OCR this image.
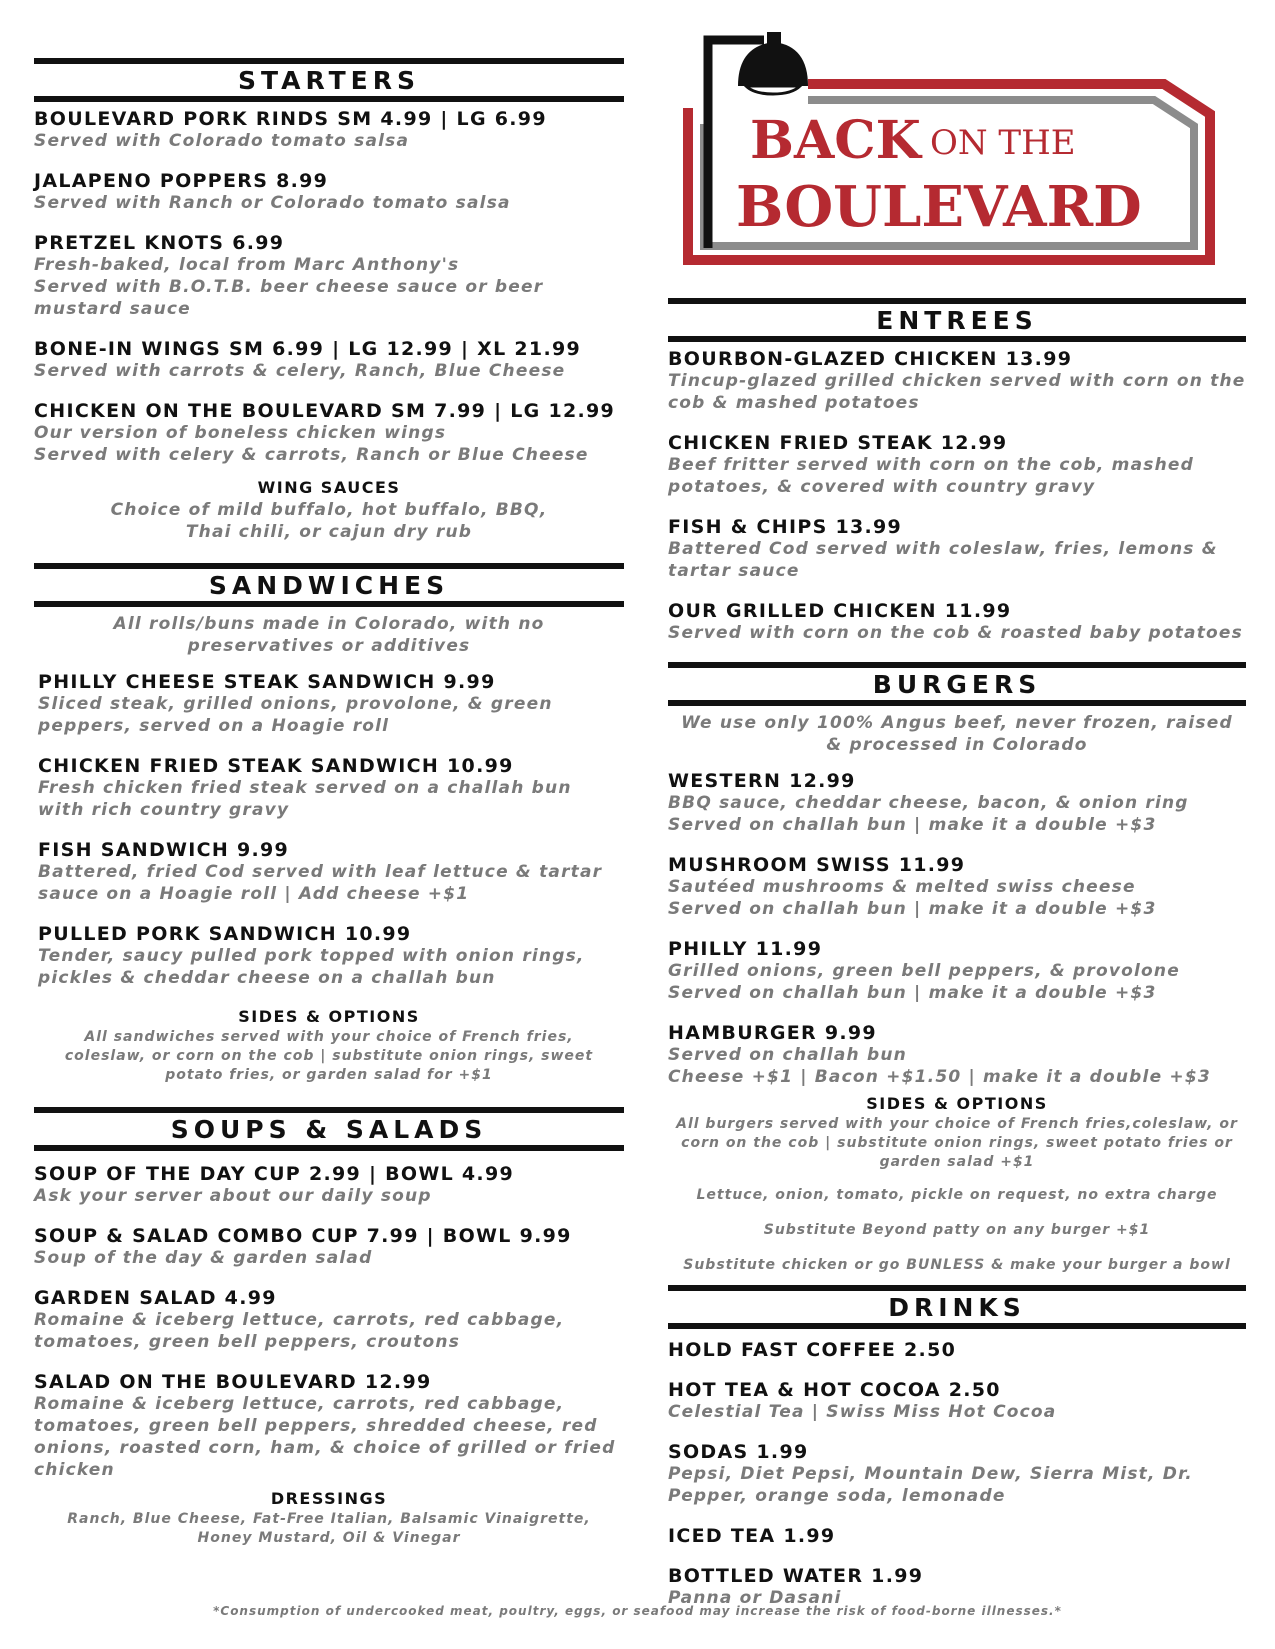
STARTERS
BOULEVARD PORK RINDS SM 4.99 | LG 6.99
Served with Colorado tomato salsa
JALAPENO POPPERS 8.99
Served with Ranch or Colorado tomato salsa
PRETZEL KNOTS 6.99
Fresh-baked, local from Marc Anthony's
Served with B.O.T.B. beer cheese sauce or beer mustard sauce
BONE-IN WINGS SM 6.99 | LG 12.99 | XL 21.99
Served with carrots & celery, Ranch, Blue Cheese
CHICKEN ON THE BOULEVARD SM 7.99 | LG 12.99
Our version of boneless chicken wings
Served with celery & carrots, Ranch or Blue Cheese
WING SAUCES
Choice of mild buffalo, hot buffalo, BBQ,
Thai chili, or cajun dry rub
SANDWICHES
All rolls/buns made in Colorado, with no preservatives or additives
PHILLY CHEESE STEAK SANDWICH 9.99
Sliced steak, grilled onions, provolone, & green peppers, served on a Hoagie roll
CHICKEN FRIED STEAK SANDWICH 10.99
Fresh chicken fried steak served on a challah bun with rich country gravy
FISH SANDWICH 9.99
Battered, fried Cod served with leaf lettuce & tartar sauce on a Hoagie roll | Add cheese +$1
PULLED PORK SANDWICH 10.99
Tender, saucy pulled pork topped with onion rings, pickles & cheddar cheese on a challah bun
SIDES & OPTIONS
All sandwiches served with your choice of French fries, coleslaw, or corn on the cob | substitute onion rings, sweet potato fries, or garden salad for +$1
SOUPS & SALADS
SOUP OF THE DAY CUP 2.99 | BOWL 4.99
Ask your server about our daily soup
SOUP & SALAD COMBO CUP 7.99 | BOWL 9.99
Soup of the day & garden salad
GARDEN SALAD 4.99
Romaine & iceberg lettuce, carrots, red cabbage, tomatoes, green bell peppers, croutons
SALAD ON THE BOULEVARD 12.99
Romaine & iceberg lettuce, carrots, red cabbage, tomatoes, green bell peppers, shredded cheese, red onions, roasted corn, ham, & choice of grilled or fried chicken
DRESSINGS
Ranch, Blue Cheese, Fat-Free Italian, Balsamic Vinaigrette, Honey Mustard, Oil & Vinegar
BACK ON THE
BOULEVARD
ENTREES
BOURBON-GLAZED CHICKEN 13.99
Tincup-glazed grilled chicken served with corn on the cob & mashed potatoes
CHICKEN FRIED STEAK 12.99
Beef fritter served with corn on the cob, mashed potatoes, & covered with country gravy
FISH & CHIPS 13.99
Battered Cod served with coleslaw, fries, lemons & tartar sauce
OUR GRILLED CHICKEN 11.99
Served with corn on the cob & roasted baby potatoes
BURGERS
We use only 100% Angus beef, never frozen, raised & processed in Colorado
WESTERN 12.99
BBQ sauce, cheddar cheese, bacon, & onion ring
Served on challah bun | make it a double +$3
MUSHROOM SWISS 11.99
Sautéed mushrooms & melted swiss cheese
Served on challah bun | make it a double +$3
PHILLY 11.99
Grilled onions, green bell peppers, & provolone
Served on challah bun | make it a double +$3
HAMBURGER 9.99
Served on challah bun
Cheese +$1 | Bacon +$1.50 | make it a double +$3
SIDES & OPTIONS
All burgers served with your choice of French fries,coleslaw, or corn on the cob | substitute onion rings, sweet potato fries or garden salad +$1
Lettuce, onion, tomato, pickle on request, no extra charge
Substitute Beyond patty on any burger +$1
Substitute chicken or go BUNLESS & make your burger a bowl
DRINKS
HOLD FAST COFFEE 2.50
HOT TEA & HOT COCOA 2.50
Celestial Tea | Swiss Miss Hot Cocoa
SODAS 1.99
Pepsi, Diet Pepsi, Mountain Dew, Sierra Mist, Dr. Pepper, orange soda, lemonade
ICED TEA 1.99
BOTTLED WATER 1.99
Panna or Dasani
*Consumption of undercooked meat, poultry, eggs, or seafood may increase the risk of food-borne illnesses.*
